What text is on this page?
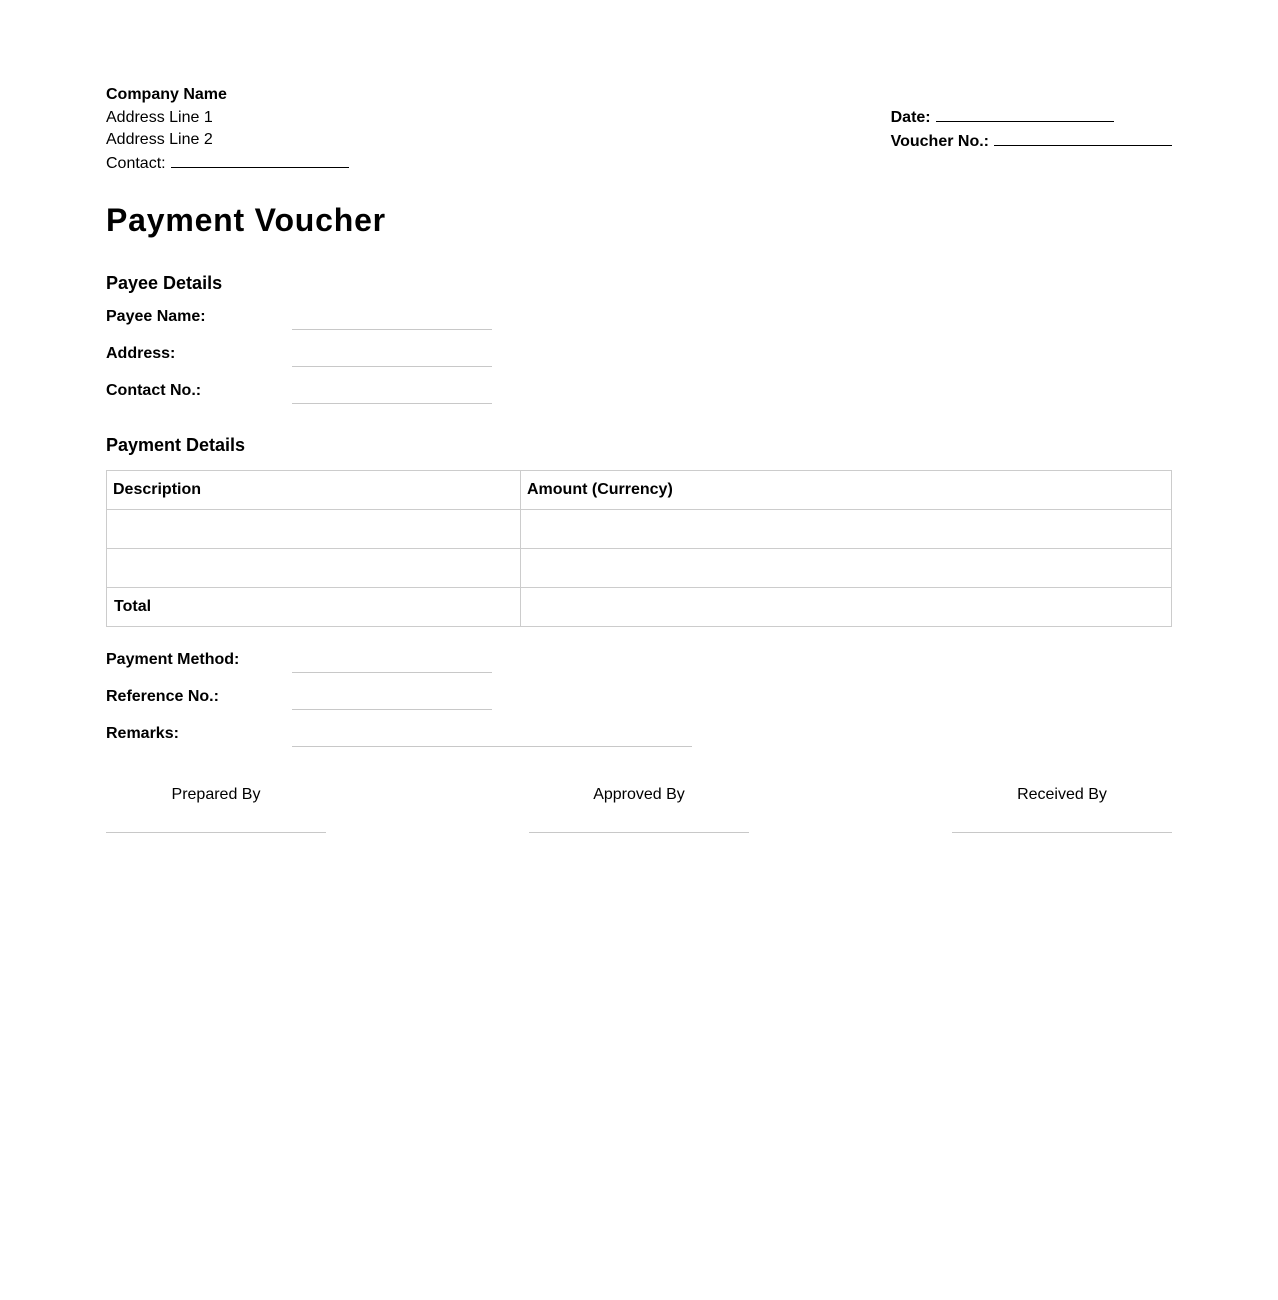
Company Name
Address Line 1
Address Line 2
Contact:
Date:
Voucher No.:
Payment Voucher
Payee Details
Payee Name:
Address:
Contact No.:
Payment Details
Description	Amount (Currency)

Total	
Payment Method:
Reference No.:
Remarks:
Prepared By	Approved By	Received By
